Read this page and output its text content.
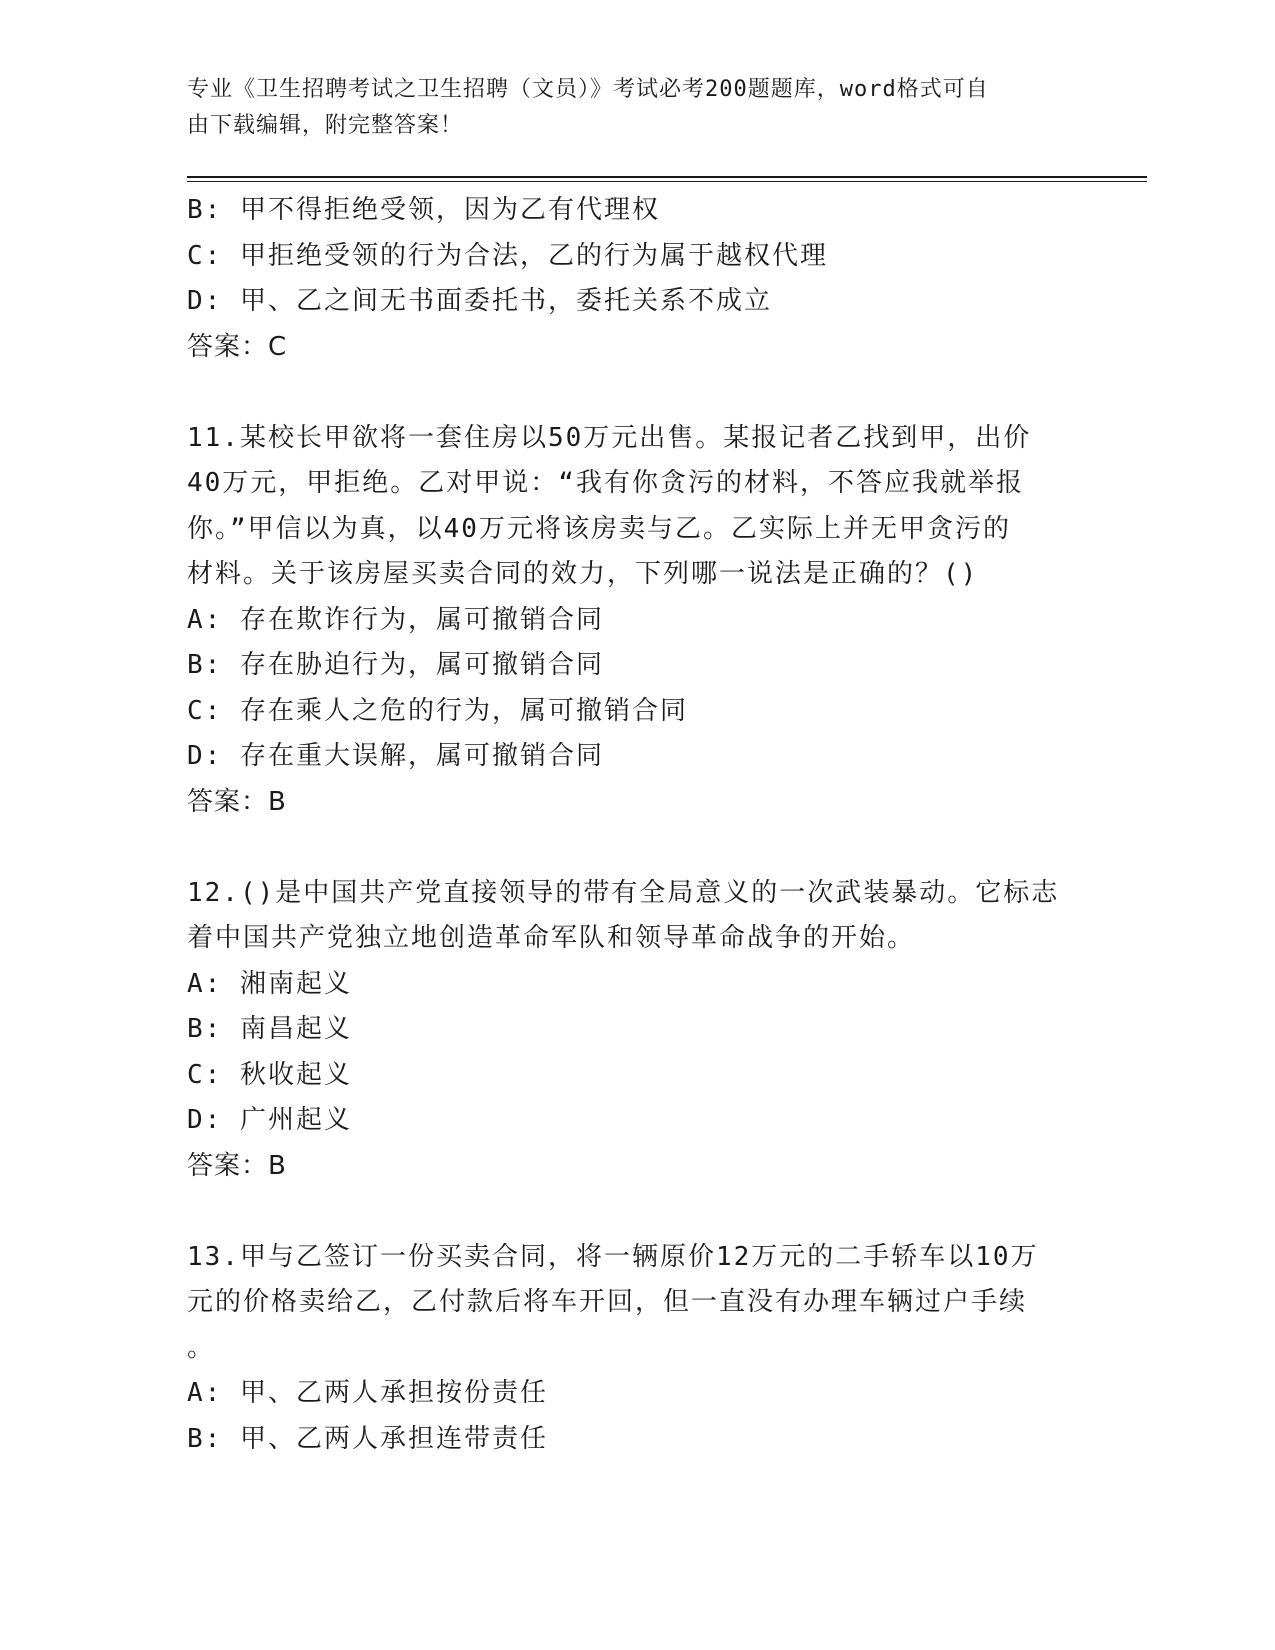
专业《卫生招聘考试之卫生招聘（文员）》考试必考200题题库，word格式可自
由下载编辑，附完整答案！
B: 甲不得拒绝受领，因为乙有代理权
C: 甲拒绝受领的行为合法，乙的行为属于越权代理
D: 甲、乙之间无书面委托书，委托关系不成立
答案：C
11.某校长甲欲将一套住房以50万元出售。某报记者乙找到甲，出价
40万元，甲拒绝。乙对甲说：“我有你贪污的材料，不答应我就举报
你。”甲信以为真，以40万元将该房卖与乙。乙实际上并无甲贪污的
材料。关于该房屋买卖合同的效力，下列哪一说法是正确的？()
A: 存在欺诈行为，属可撤销合同
B: 存在胁迫行为，属可撤销合同
C: 存在乘人之危的行为，属可撤销合同
D: 存在重大误解，属可撤销合同
答案：B
12.()是中国共产党直接领导的带有全局意义的一次武装暴动。它标志
着中国共产党独立地创造革命军队和领导革命战争的开始。
A: 湘南起义
B: 南昌起义
C: 秋收起义
D: 广州起义
答案：B
13.甲与乙签订一份买卖合同，将一辆原价12万元的二手轿车以10万
元的价格卖给乙，乙付款后将车开回，但一直没有办理车辆过户手续
。
A: 甲、乙两人承担按份责任
B: 甲、乙两人承担连带责任
